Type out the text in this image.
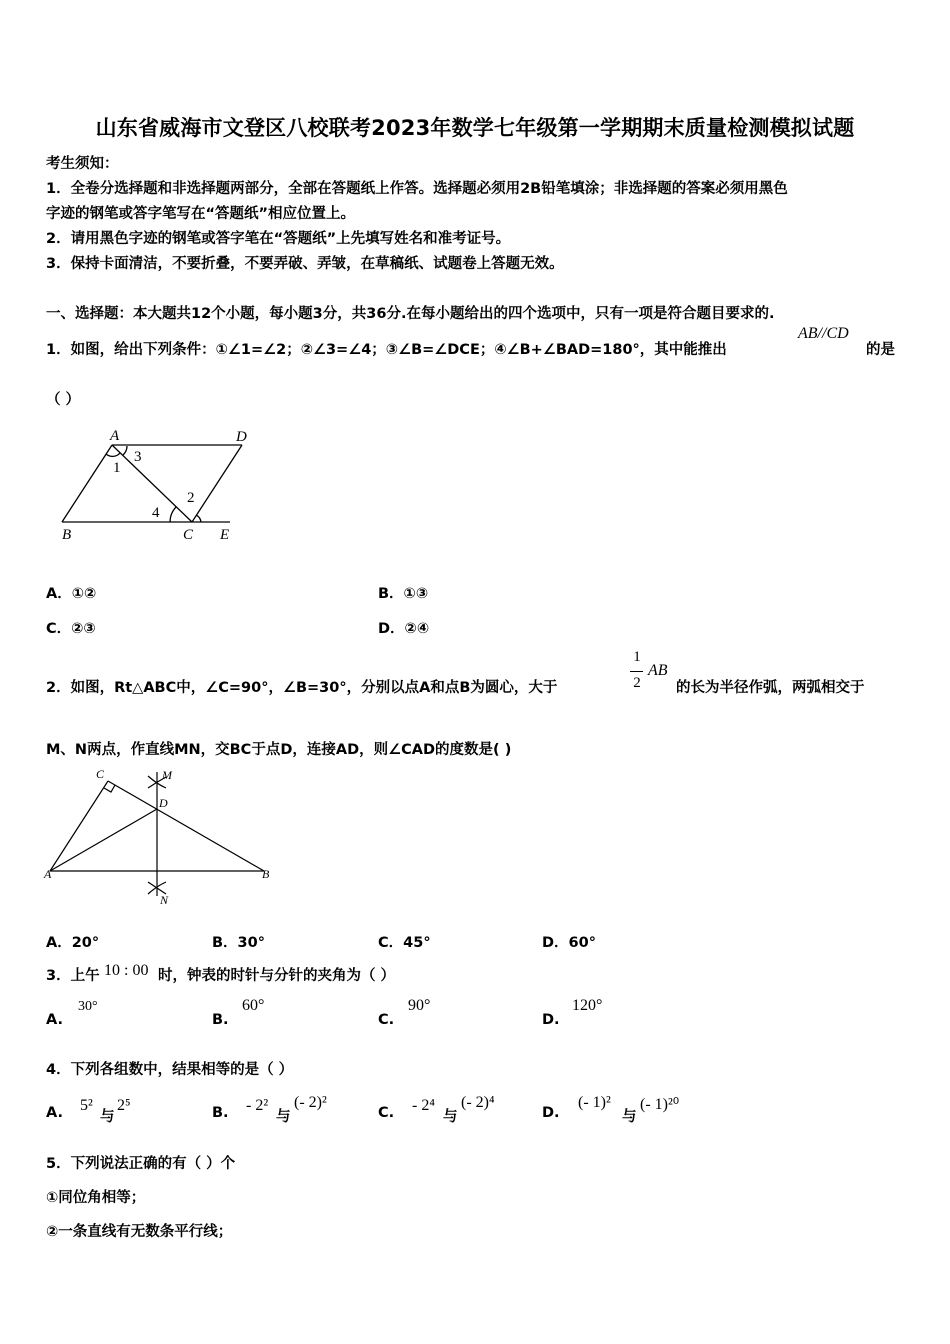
山东省威海市文登区八校联考2023年数学七年级第一学期期末质量检测模拟试题
考生须知：
1．全卷分选择题和非选择题两部分，全部在答题纸上作答。选择题必须用2B铅笔填涂；非选择题的答案必须用黑色
字迹的钢笔或答字笔写在“答题纸”相应位置上。
2．请用黑色字迹的钢笔或答字笔在“答题纸”上先填写姓名和准考证号。
3．保持卡面清洁，不要折叠，不要弄破、弄皱，在草稿纸、试题卷上答题无效。
一、选择题：本大题共12个小题，每小题3分，共36分.在每小题给出的四个选项中，只有一项是符合题目要求的.
1．如图，给出下列条件：①∠1=∠2；②∠3=∠4；③∠B=∠DCE；④∠B+∠BAD=180°，其中能推出
AB//CD
的是
（ ）
A	D
B	C E
1
2
3
4
A．①②	B．①③
C．②③	D．②④
2．如图，Rt△ABC中，∠C=90°，∠B=30°，分别以点A和点B为圆心，大于
1
2
AB
的长为半径作弧，两弧相交于
M、N两点，作直线MN，交BC于点D，连接AD，则∠CAD的度数是( )
C	M
D
A	B
N
A．20°	B．30°	C．45°	D．60°
3．上午 10 : 00 时，钟表的时针与分针的夹角为（ ）
A.
30°
B.
60°
C.
90°
D.
120°
4．下列各组数中，结果相等的是（ ）
A. 5²
与
2⁵	B. - 2²
与
(- 2)²
C. - 2⁴
与
(- 2)⁴
D.
(- 1)²
与
(- 1)²⁰
5．下列说法正确的有（ ）个
①同位角相等；
②一条直线有无数条平行线；
